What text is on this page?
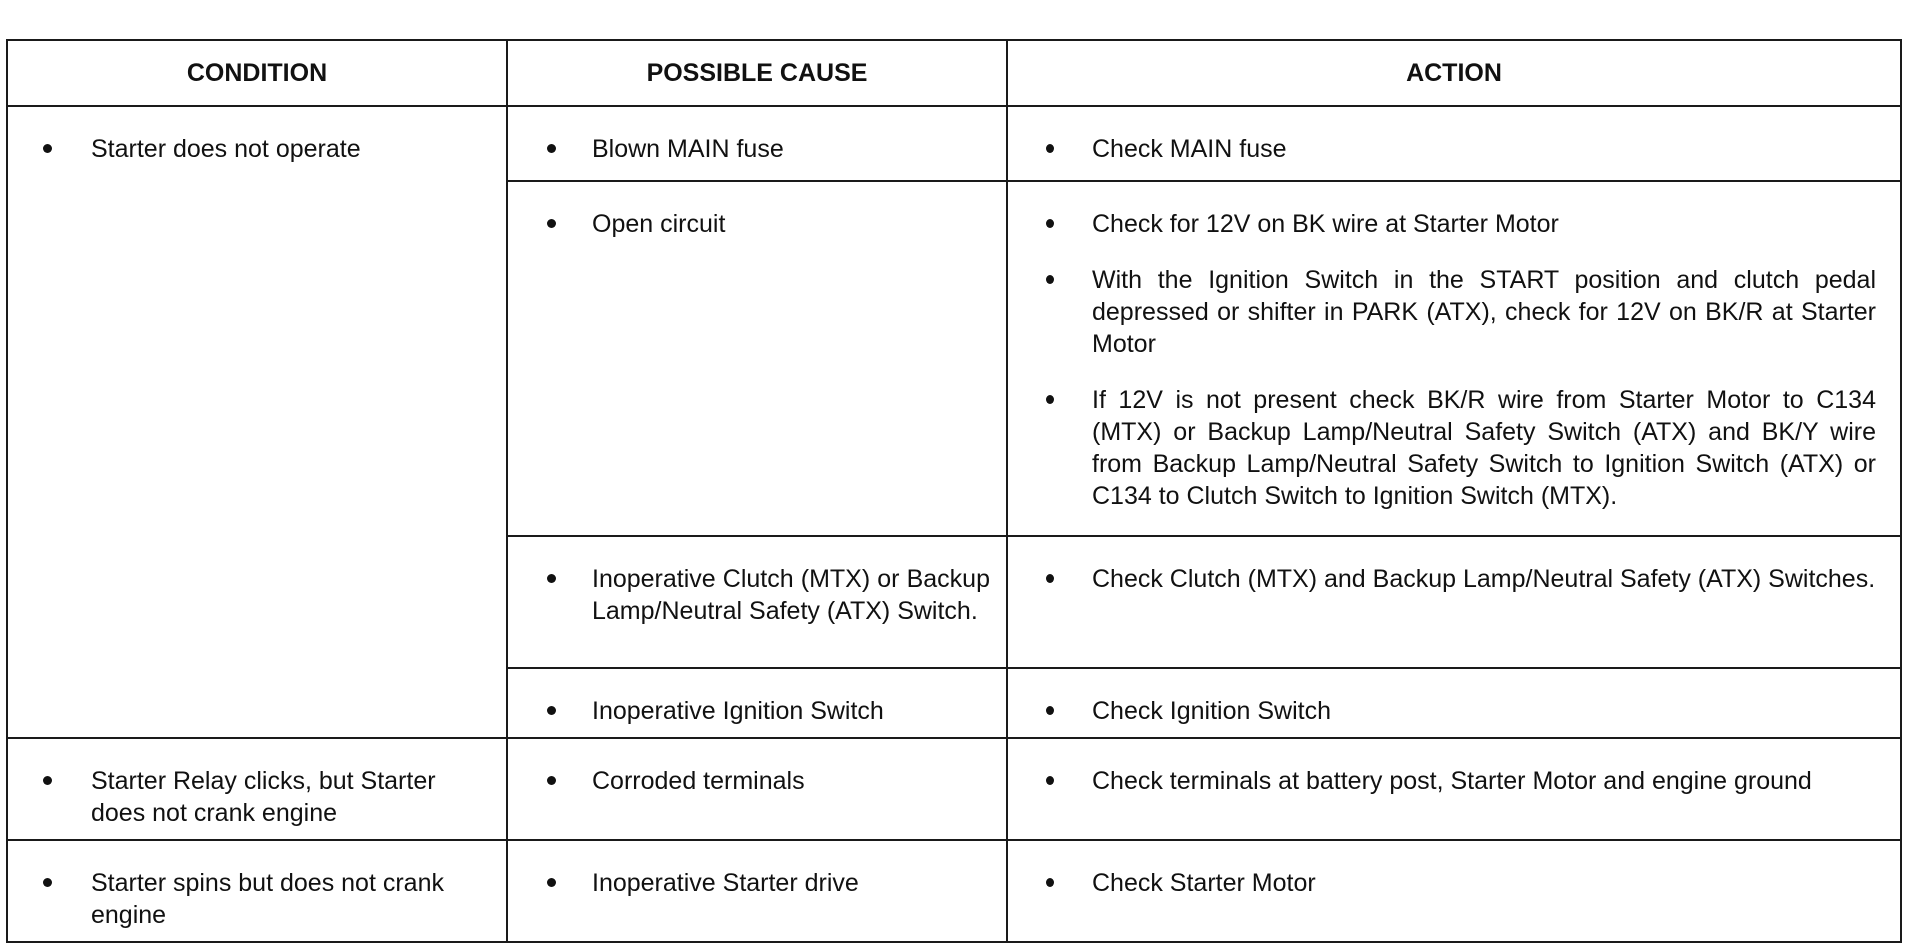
CONDITION	POSSIBLE CAUSE	ACTION

Starter does not operate	Blown MAIN fuse	Check MAIN fuse

	Open circuit	Check for 12V on BK wire at Starter Motor
With the Ignition Switch in the START position and clutch pedal depressed or shifter in PARK (ATX), check for 12V on BK/R at Starter Motor
If 12V is not present check BK/R wire from Starter Motor to C134 (MTX) or Backup Lamp/Neutral Safety Switch (ATX) and BK/Y wire from Backup Lamp/Neutral Safety Switch to Ignition Switch (ATX) or C134 to Clutch Switch to Ignition Switch (MTX).

	Inoperative Clutch (MTX) or Backup Lamp/Neutral Safety (ATX) Switch.	Check Clutch (MTX) and Backup Lamp/Neutral Safety (ATX) Switches.

	Inoperative Ignition Switch	Check Ignition Switch

Starter Relay clicks, but Starter does not crank engine	Corroded terminals	Check terminals at battery post, Starter Motor and engine ground

Starter spins but does not crank engine	Inoperative Starter drive	Check Starter Motor
